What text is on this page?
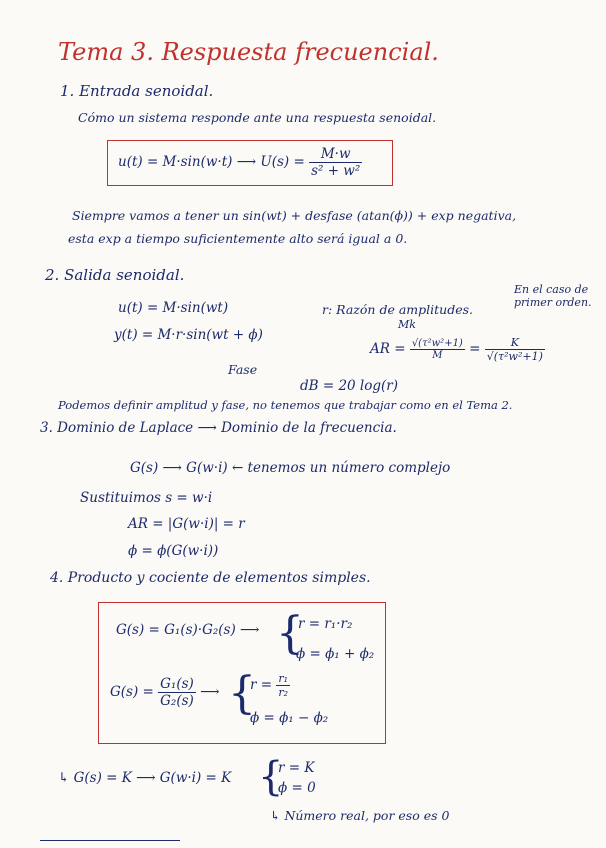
Tema 3. Respuesta frecuencial.
1. Entrada senoidal.
Cómo un sistema responde ante una respuesta senoidal.
u(t) = M·sin(w·t) ⟶ $U(s) = \frac{M\cdot w}{\text{s² + w²}}$
Siempre vamos a tener un sin(wt) + desfase (atan(ϕ)) + exp negativa,
esta exp a tiempo suficientemente alto será igual a 0.
2. Salida senoidal.
u(t) = M·sin(wt)
y(t) = M·r·sin(wt + ϕ)
r: Razón de amplitudes.
En el caso de primer orden.
Mk
AR = $\frac{\text{√(τ²w²+1)}}{M} = \frac{K}{\text{√(τ²w²+1)}}$
Fase
dB = 20 log(r)
Podemos definir amplitud y fase, no tenemos que trabajar como en el Tema 2.
3. Dominio de Laplace ⟶ Dominio de la frecuencia.
G(s) ⟶ G(w·i) ← tenemos un número complejo
Sustituimos s = w·i
AR = |G(w·i)| = r
ϕ = ϕ(G(w·i))
4. Producto y cociente de elementos simples.
G(s) = G₁(s)·G₂(s) ⟶ {
r = r₁·r₂
ϕ = ϕ₁ + ϕ₂
$G(s) = \frac{\text{G₁(s)}}{\text{G₂(s)}}$ ⟶ {
$r = \frac{\text{r₁}}{\text{r₂}}$
ϕ = ϕ₁ − ϕ₂
↳ G(s) = K ⟶ G(w·i) = K {
r = K
ϕ = 0
↳ Número real, por eso es 0
